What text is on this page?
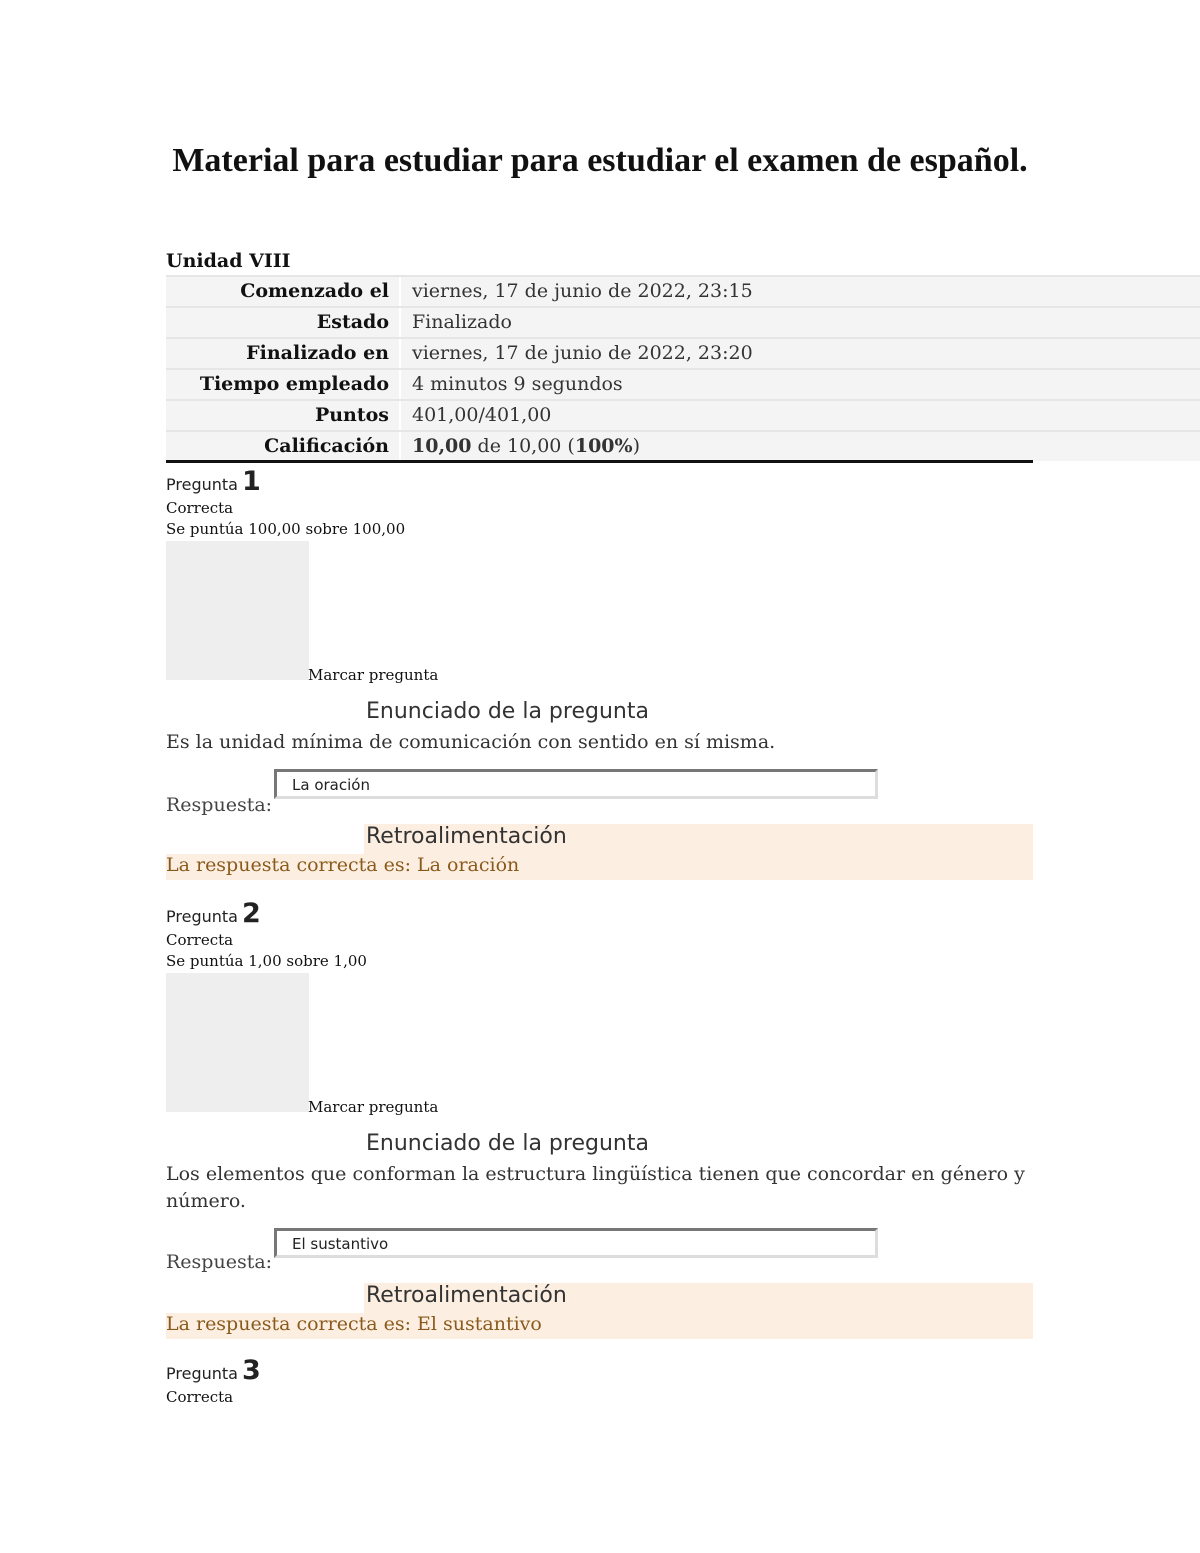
Material para estudiar para estudiar el examen de español.
Unidad VIII
Comenzado el viernes, 17 de junio de 2022, 23:15
Estado Finalizado
Finalizado en viernes, 17 de junio de 2022, 23:20
Tiempo empleado 4 minutos 9 segundos
Puntos 401,00/401,00
Calificación 10,00 de 10,00 (100%)
Pregunta 1
Correcta
Se puntúa 100,00 sobre 100,00
Marcar pregunta
Enunciado de la pregunta
Es la unidad mínima de comunicación con sentido en sí misma.
La oración
Respuesta:
Retroalimentación
La respuesta correcta es: La oración
Pregunta 2
Correcta
Se puntúa 1,00 sobre 1,00
Marcar pregunta
Enunciado de la pregunta
Los elementos que conforman la estructura lingüística tienen que concordar en género y número.
El sustantivo
Respuesta:
Retroalimentación
La respuesta correcta es: El sustantivo
Pregunta 3
Correcta
